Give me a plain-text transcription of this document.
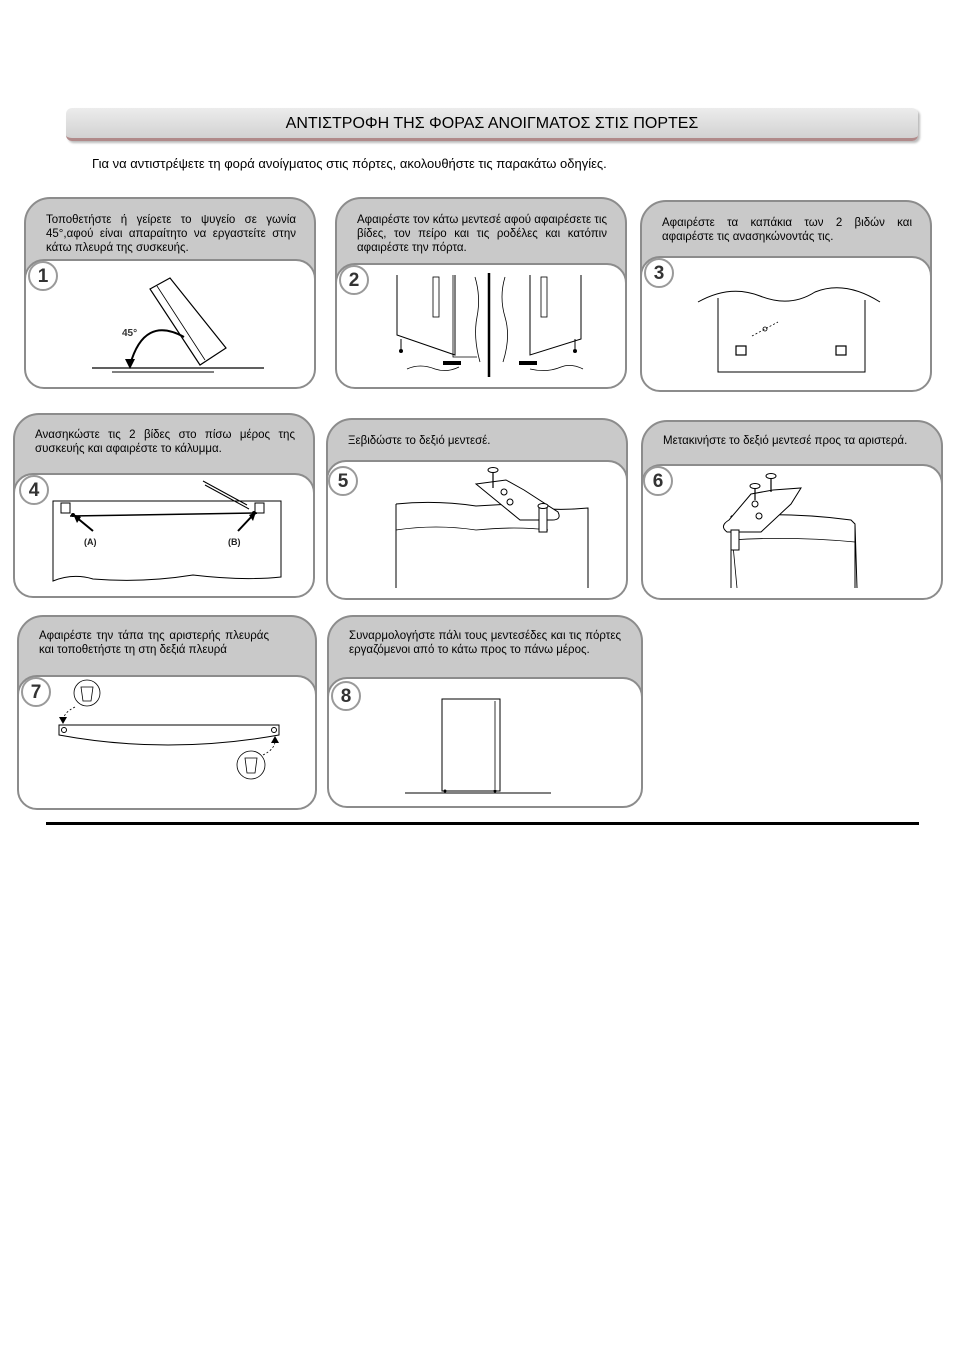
ΑΝΤΙΣΤΡΟΦΗ ΤΗΣ ΦΟΡΑΣ ΑΝΟΙΓΜΑΤΟΣ ΣΤΙΣ ΠΟΡΤΕΣ
Για να αντιστρέψετε τη φορά ανοίγματος στις πόρτες, ακολουθήστε τις παρακάτω οδηγίες.
Τοποθετήστε ή γείρετε το ψυγείο σε γωνία 45°,αφού είναι απαραίτητο να εργαστείτε στην κάτω πλευρά της συσκευής.
1
45°
Αφαιρέστε τον κάτω μεντεσέ αφού αφαιρέσετε τις βίδες, τον πείρο και τις ροδέλες και κατόπιν αφαιρέστε την πόρτα.
2
Αφαιρέστε τα καπάκια των 2 βιδών και αφαιρέστε τις ανασηκώνοντάς τις.
3
Ανασηκώστε τις 2 βίδες στο πίσω μέρος της συσκευής και αφαιρέστε το κάλυμμα.
4
(A)	(B)
Ξεβιδώστε το δεξιό μεντεσέ.
5
Μετακινήστε το δεξιό μεντεσέ προς τα αριστερά.
6
Αφαιρέστε την τάπα της αριστερής πλευράς και τοποθετήστε τη στη δεξιά πλευρά
7
Συναρμολογήστε πάλι τους μεντεσέδες και τις πόρτες εργαζόμενοι από το κάτω προς το πάνω μέρος.
8
